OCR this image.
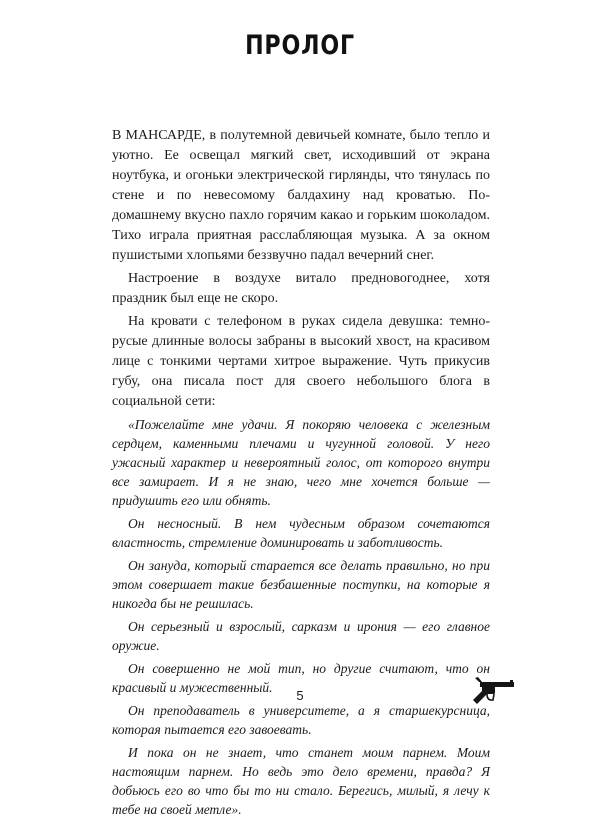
ПРОЛОГ

В МАНСАРДЕ, в полутемной девичьей комнате, было тепло и уютно. Ее освещал мягкий свет, исходивший от экрана ноутбука, и огоньки электрической гирлянды, что тянулась по стене и по невесомому балдахину над кроватью. По-домашнему вкусно пахло горячим какао и горьким шоколадом. Тихо играла приятная расслабляющая музыка. А за окном пушистыми хлопьями беззвучно падал вечерний снег.

Настроение в воздухе витало предновогоднее, хотя праздник был еще не скоро.

На кровати с телефоном в руках сидела девушка: темно-русые длинные волосы забраны в высокий хвост, на красивом лице с тонкими чертами хитрое выражение. Чуть прикусив губу, она писала пост для своего небольшого блога в социальной сети:

«Пожелайте мне удачи. Я покоряю человека с железным сердцем, каменными плечами и чугунной головой. У него ужасный характер и невероятный голос, от которого внутри все замирает. И я не знаю, чего мне хочется больше — придушить его или обнять.

Он несносный. В нем чудесным образом сочетаются властность, стремление доминировать и заботливость.

Он зануда, который старается все делать правильно, но при этом совершает такие безбашенные поступки, на которые я никогда бы не решилась.

Он серьезный и взрослый, сарказм и ирония — его главное оружие.

Он совершенно не мой тип, но другие считают, что он красивый и мужественный.

Он преподаватель в университете, а я старшекурсница, которая пытается его завоевать.

И пока он не знает, что станет моим парнем. Моим настоящим парнем. Но ведь это дело времени, правда? Я добьюсь его во что бы то ни стало. Берегись, милый, я лечу к тебе на своей метле».

5
